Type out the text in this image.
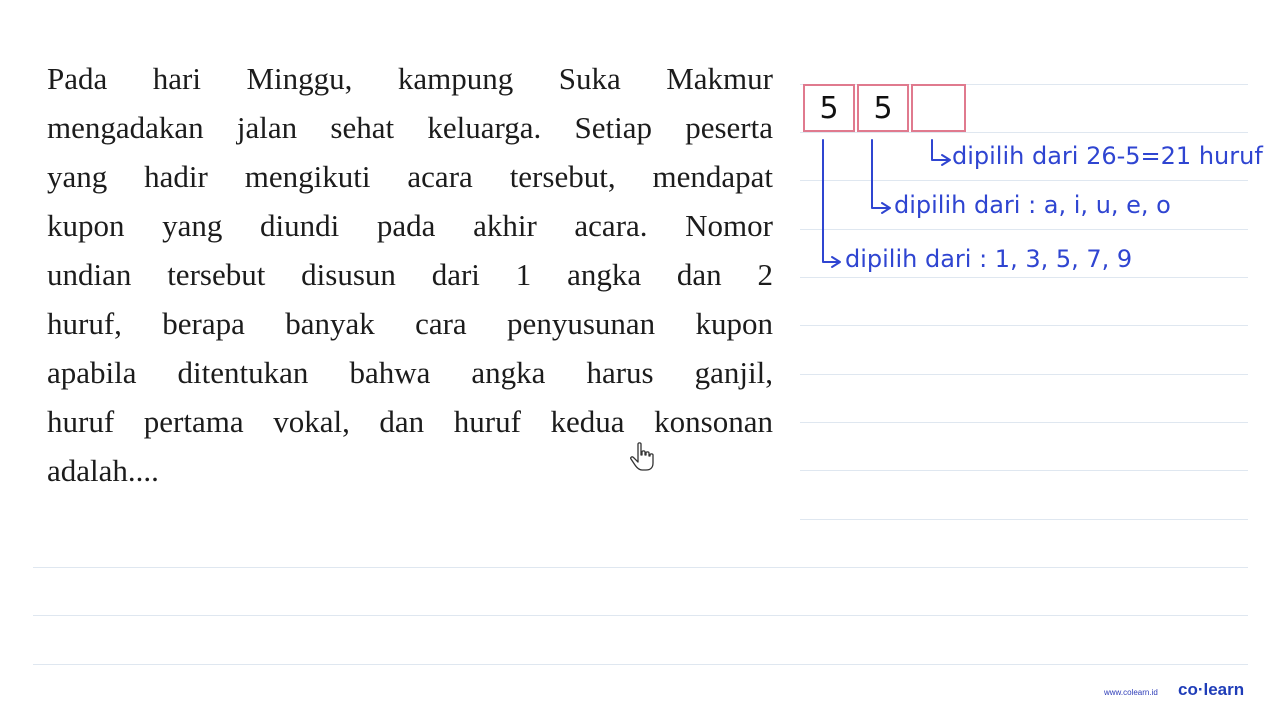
Pada hari Minggu, kampung Suka Makmur
mengadakan jalan sehat keluarga. Setiap peserta
yang hadir mengikuti acara tersebut, mendapat
kupon yang diundi pada akhir acara. Nomor
undian tersebut disusun dari 1 angka dan 2
huruf, berapa banyak cara penyusunan kupon
apabila ditentukan bahwa angka harus ganjil,
huruf pertama vokal, dan huruf kedua konsonan
adalah....
5	5
dipilih dari 26-5=21 huruf
dipilih dari : a, i, u, e, o
dipilih dari : 1, 3, 5, 7, 9
www.colearn.id co·learn
